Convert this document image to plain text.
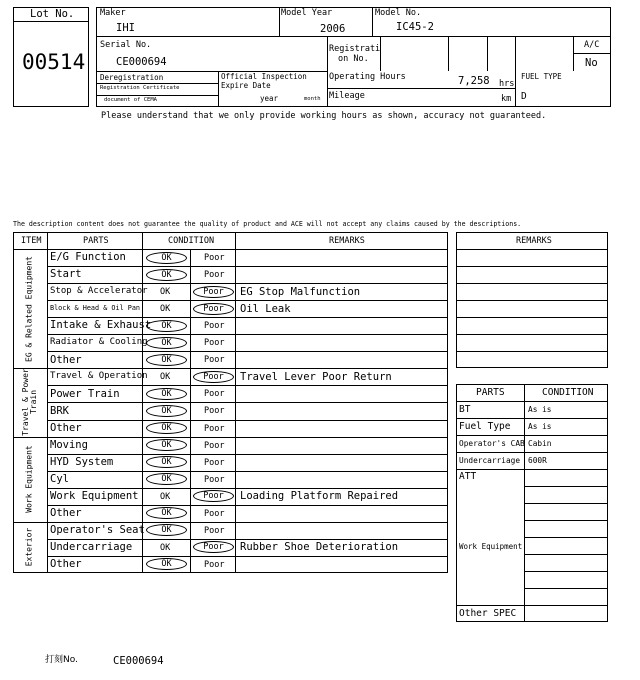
Lot No.
00514
Maker
IHI
Model Year
2006
Model No.
IC45-2
Serial No.
CE000694
Registrati
on No.
A/C
No
Deregistration
Registration Certificate
document of CEMA
Official Inspection
Expire Date
year	month
Operating Hours	7,258 hrs
Mileage	km
FUEL TYPE
D
Please understand that we only provide working hours as shown, accuracy not guaranteed.
The description content does not guarantee the quality of product and ACE will not accept any claims caused by the descriptions.
ITEM	PARTS	CONDITION	REMARKS
EG & Related Equipment
Travel & Power Train
Work Equipment
Exterior
E/G Function	OK	Poor
Start	OK	Poor
Stop & Accelerator OK	Poor	EG Stop Malfunction
Block & Head & Oil Pan OK	Poor	Oil Leak
Intake & Exhaust	OK	Poor
Radiator & Cooling	OK	Poor
Other	OK	Poor
Travel & Operation OK	Poor	Travel Lever Poor Return
Power Train	OK	Poor
BRK	OK	Poor
Other	OK	Poor
Moving	OK	Poor
HYD System	OK	Poor
Cyl	OK	Poor
Work Equipment	OK	Poor	Loading Platform Repaired
Other	OK	Poor
Operator's Seat	OK	Poor
Undercarriage	OK	Poor	Rubber Shoe Deterioration
Other	OK	Poor
REMARKS
PARTS	CONDITION
ATT
Work Equipment
Other SPEC
BT	As is
Fuel Type As is
Operator's CAB Cabin
Undercarriage 600R
打刻No.	CE000694
